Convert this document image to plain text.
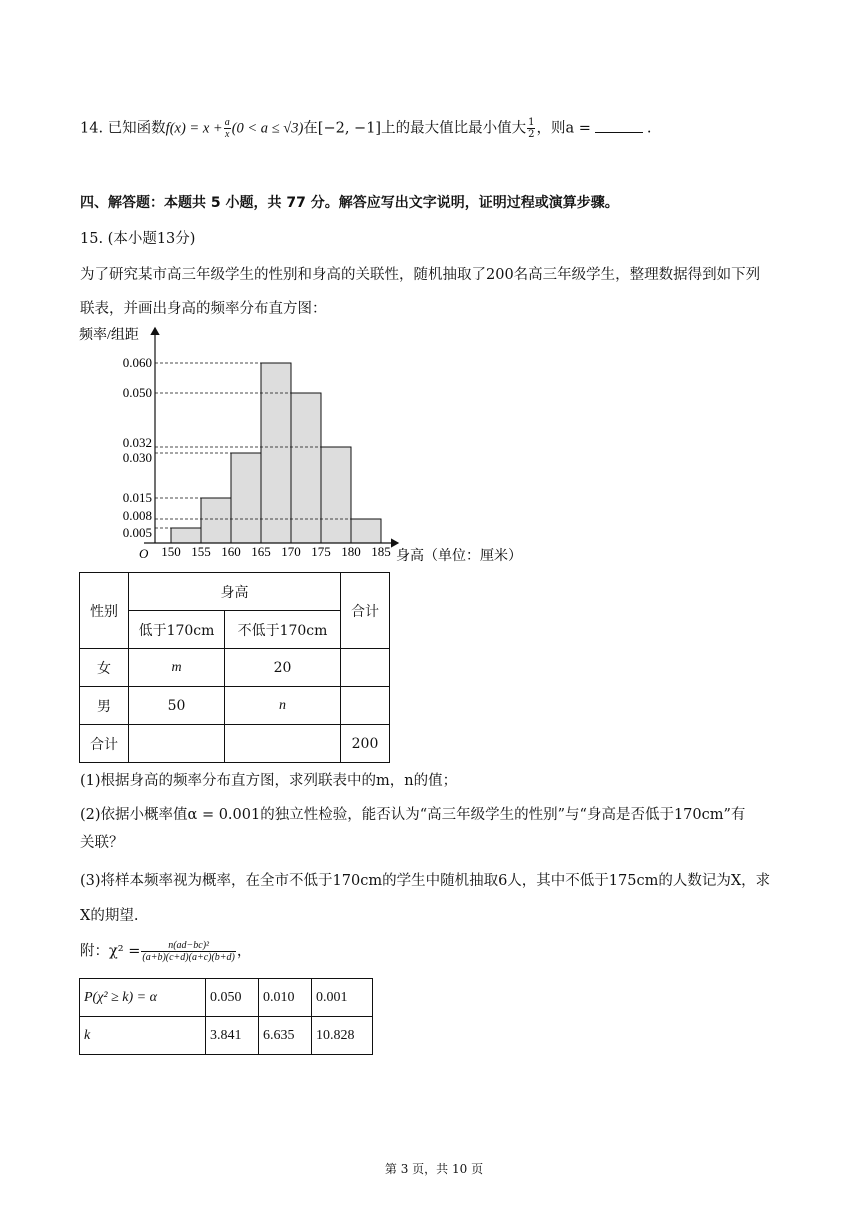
14. 已知函数$f(x) = x + \frac{a}{x} (0 < a \le √3)$在[−2, −1]上的最大值比最小值大 $\frac{1}{2}$ ，则a =	.
四、解答题：本题共 5 小题，共 77 分。解答应写出文字说明，证明过程或演算步骤。
15. (本小题13分)
为了研究某市高三年级学生的性别和身高的关联性，随机抽取了200名高三年级学生，整理数据得到如下列
联表，并画出身高的频率分布直方图：
频率/组距
身高（单位：厘米）
O
0.060
0.050
0.032
0.030
0.015
0.008
0.005
150 155 160 165 170 175 180 185
性别	身高		合计
	低于170cm	不低于170cm	
女	m	20	
男	50	n	
合计			200
(1)根据身高的频率分布直方图，求列联表中的m，n的值；
(2)依据小概率值α = 0.001的独立性检验，能否认为“高三年级学生的性别”与“身高是否低于170cm”有
关联？
(3)将样本频率视为概率，在全市不低于170cm的学生中随机抽取6人，其中不低于175cm的人数记为X，求
X的期望.
附：$\chi^2 = \frac{\text{n(ad−bc)²}}{(a+b)(c+d)(a+c)(b+d)}$ ，
P(χ² ≥ k) = α	0.050	0.010	0.001
k	3.841	6.635	10.828
第 3 页，共 10 页
